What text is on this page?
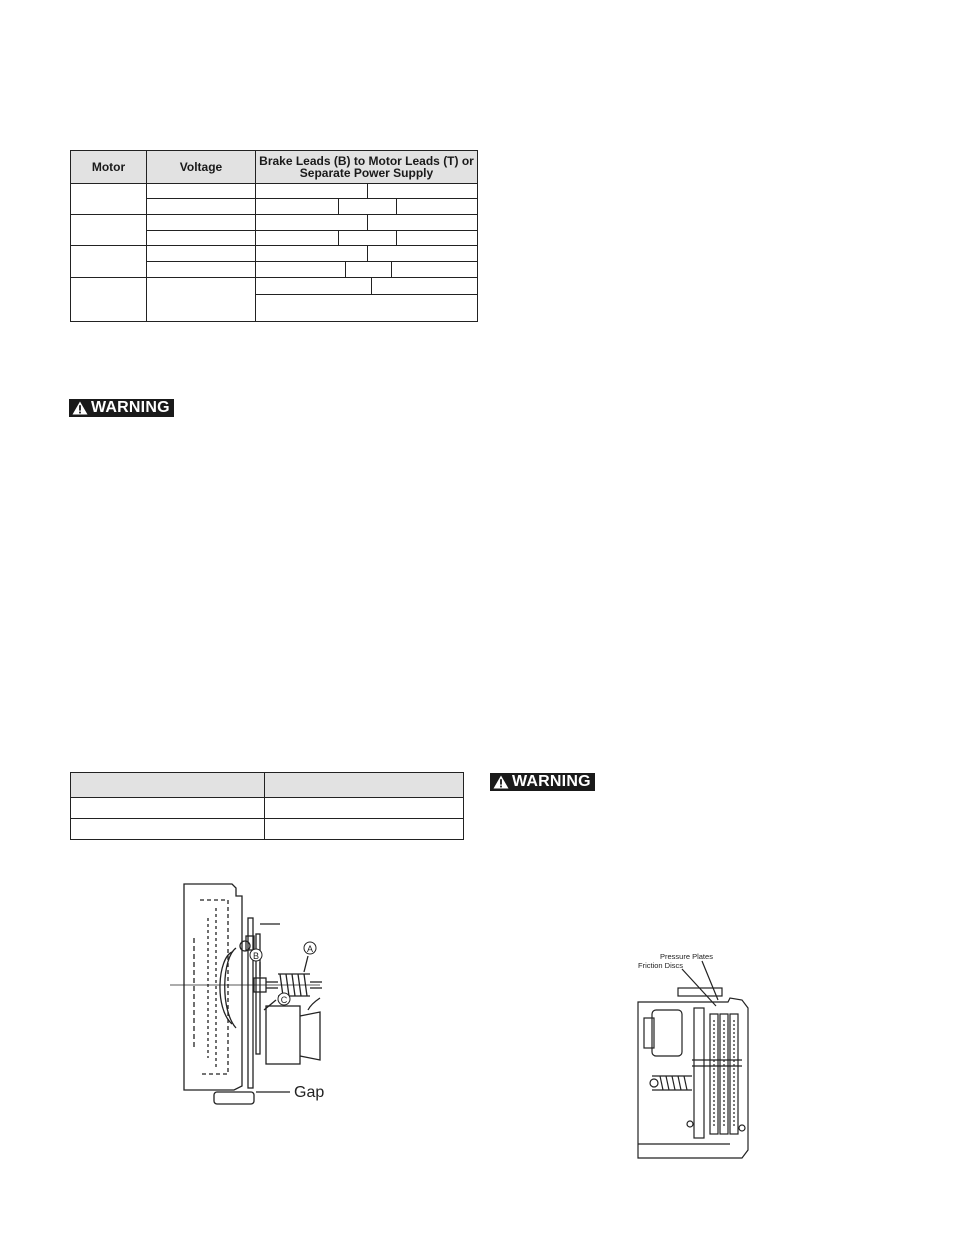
Motor	Voltage	Brake Leads (B) to Motor Leads (T) or Separate Power Supply

WARNING

WARNING
B
A
C
Gap
Pressure Plates
Friction Discs
